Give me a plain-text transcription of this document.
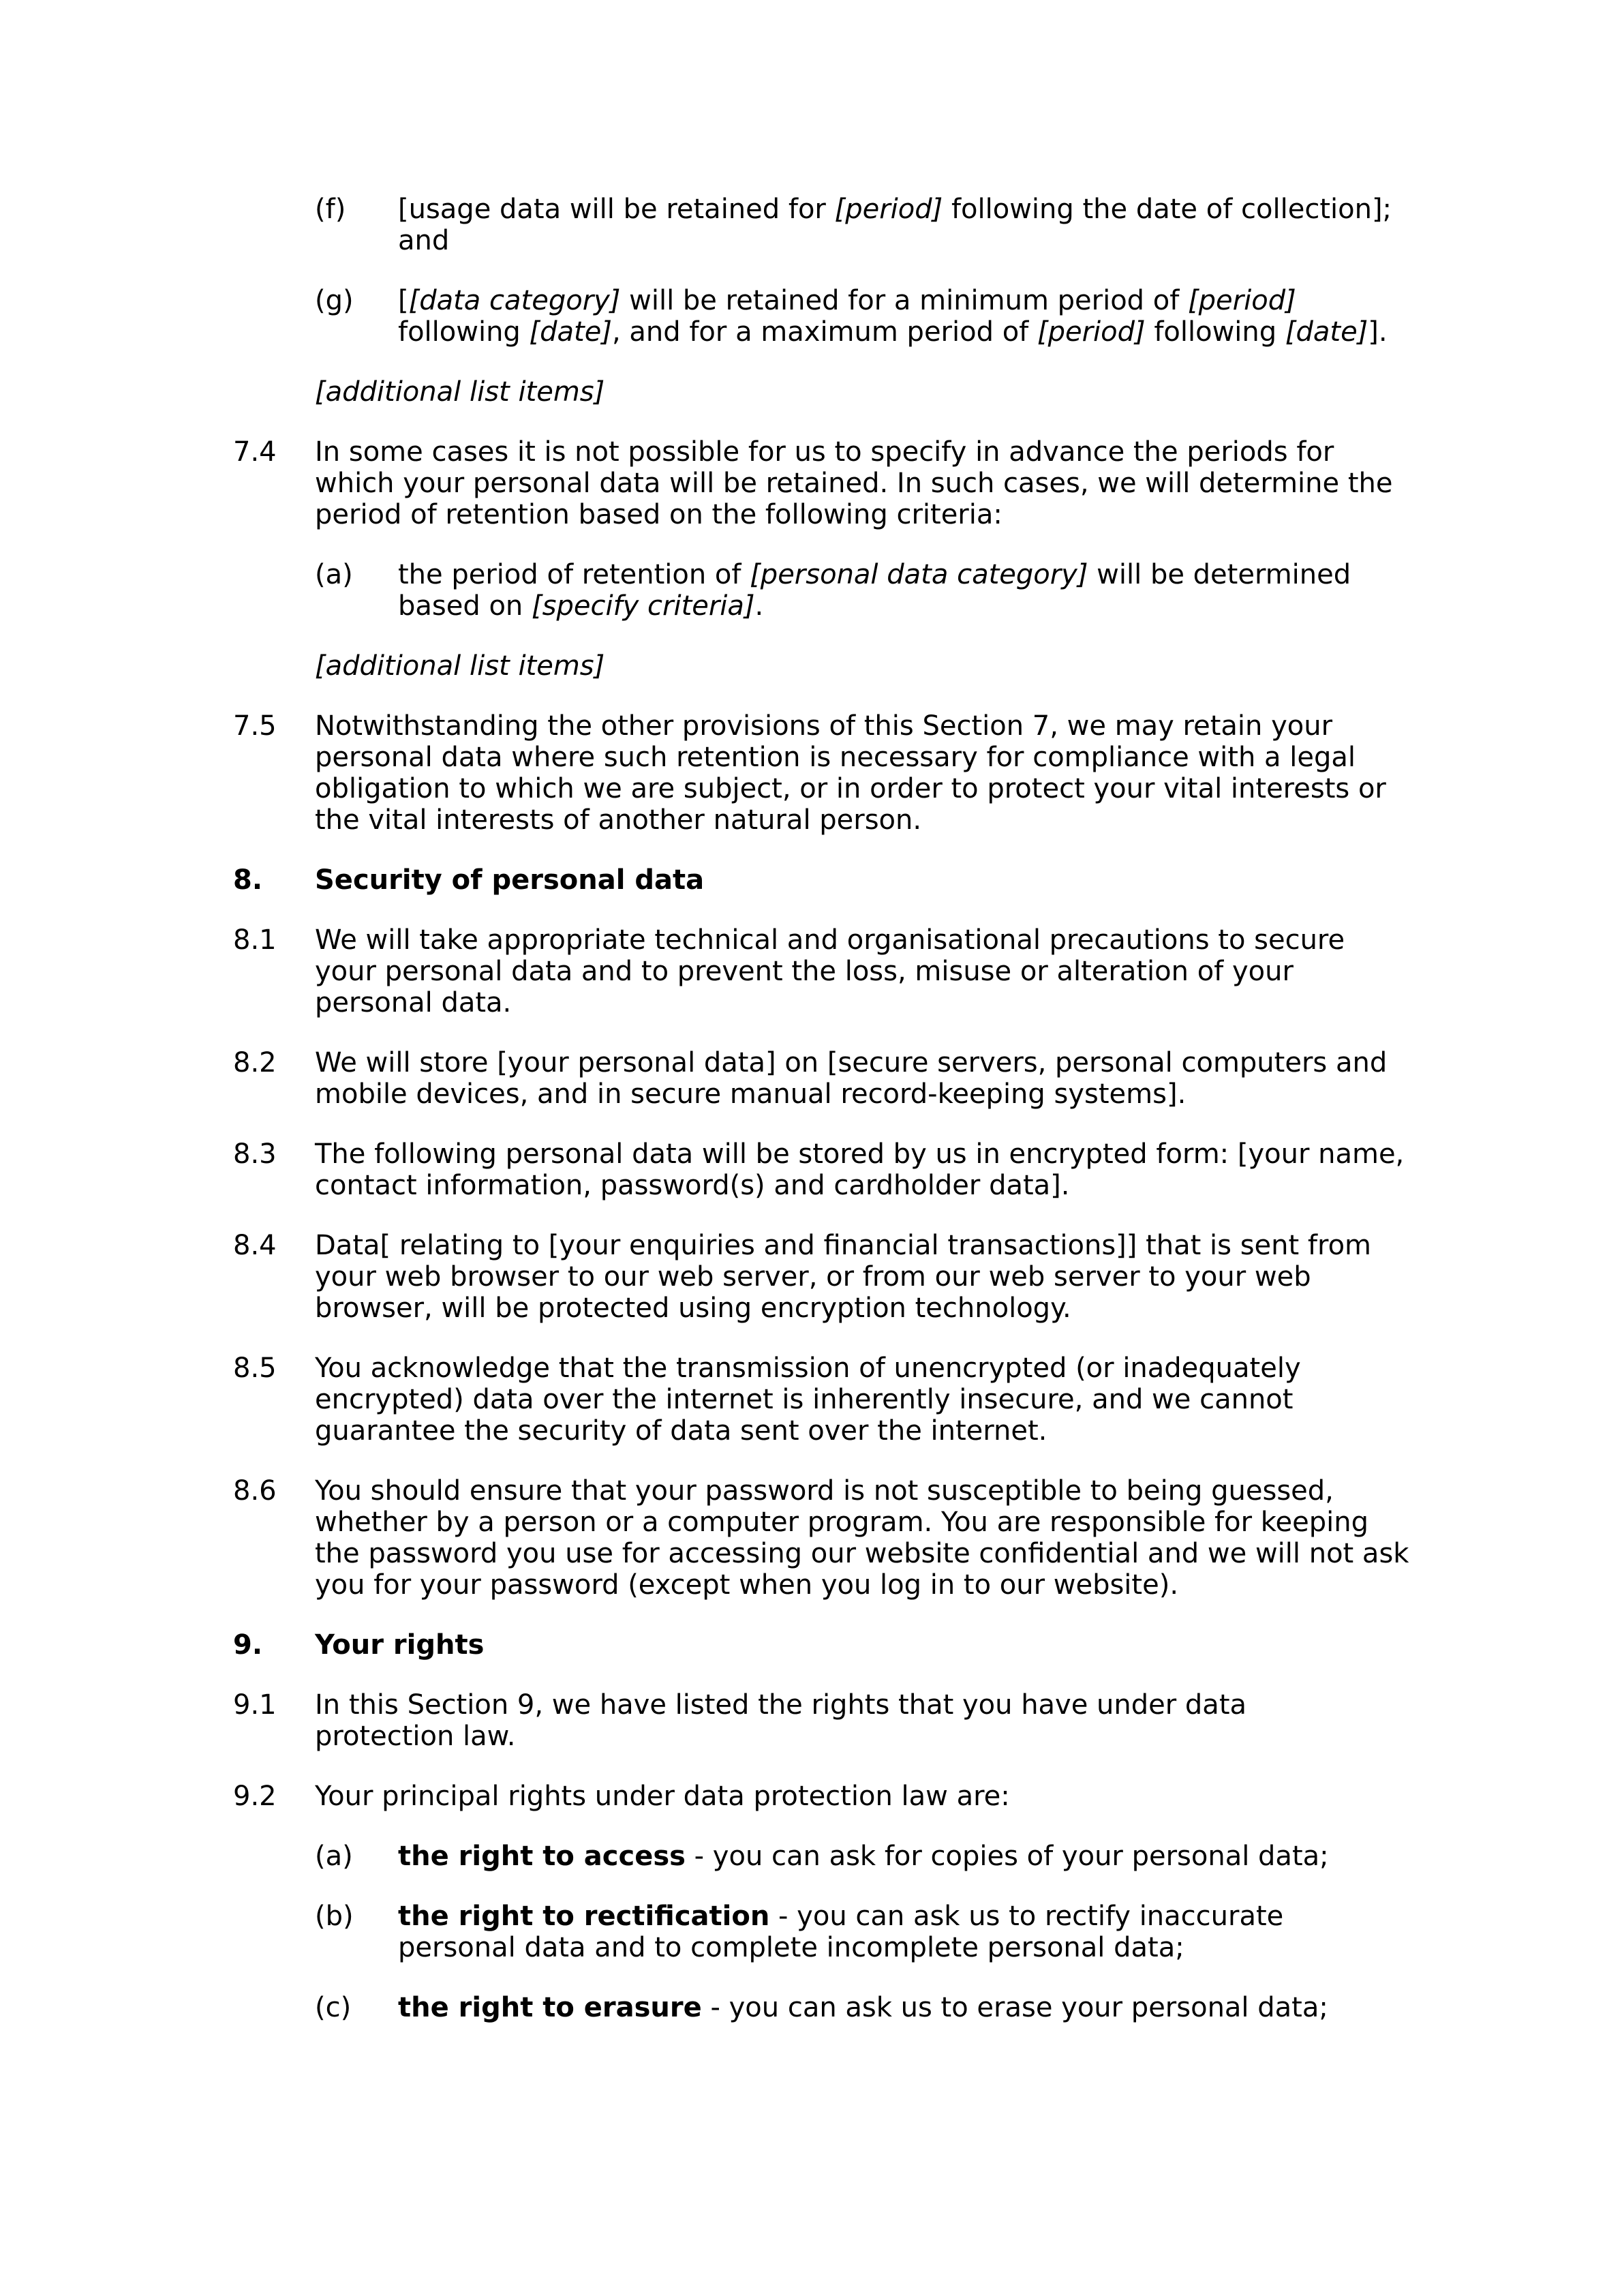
(f) [usage data will be retained for [period] following the date of collection];
and
(g) [[data category] will be retained for a minimum period of [period]
following [date], and for a maximum period of [period] following [date]].
[additional list items]
7.4 In some cases it is not possible for us to specify in advance the periods for which your personal data will be retained. In such cases, we will determine the period of retention based on the following criteria:
(a) the period of retention of [personal data category] will be determined
based on [specify criteria].
[additional list items]
7.5 Notwithstanding the other provisions of this Section 7, we may retain your personal data where such retention is necessary for compliance with a legal obligation to which we are subject, or in order to protect your vital interests or the vital interests of another natural person.
8. Security of personal data
8.1 We will take appropriate technical and organisational precautions to secure your personal data and to prevent the loss, misuse or alteration of your personal data.
8.2 We will store [your personal data] on [secure servers, personal computers and mobile devices, and in secure manual record-keeping systems].
8.3 The following personal data will be stored by us in encrypted form: [your name, contact information, password(s) and cardholder data].
8.4 Data[ relating to [your enquiries and financial transactions]] that is sent from your web browser to our web server, or from our web server to your web browser, will be protected using encryption technology.
8.5 You acknowledge that the transmission of unencrypted (or inadequately encrypted) data over the internet is inherently insecure, and we cannot guarantee the security of data sent over the internet.
8.6 You should ensure that your password is not susceptible to being guessed, whether by a person or a computer program. You are responsible for keeping the password you use for accessing our website confidential and we will not ask you for your password (except when you log in to our website).
9. Your rights
9.1 In this Section 9, we have listed the rights that you have under data protection law.
9.2 Your principal rights under data protection law are:
(a) the right to access - you can ask for copies of your personal data;
(b) the right to rectification - you can ask us to rectify inaccurate personal data and to complete incomplete personal data;
(c) the right to erasure - you can ask us to erase your personal data;
